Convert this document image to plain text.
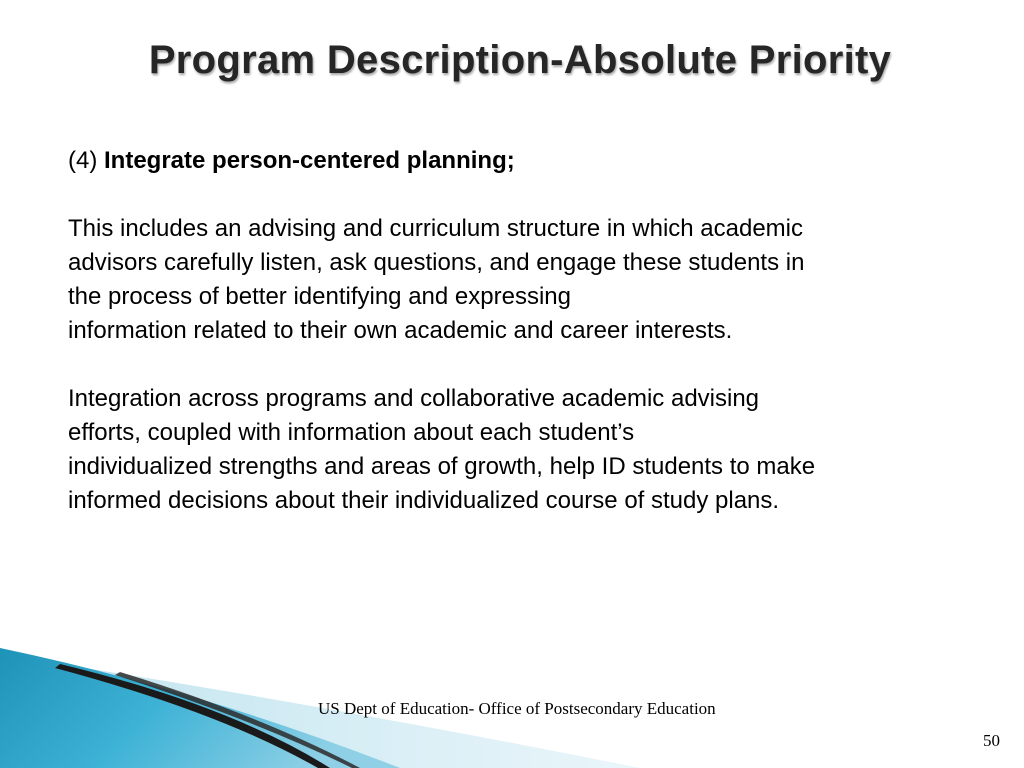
Program Description-Absolute Priority

(4) Integrate person-centered planning;

This includes an advising and curriculum structure in which academic
advisors carefully listen, ask questions, and engage these students in
the process of better identifying and expressing
information related to their own academic and career interests.

Integration across programs and collaborative academic advising
efforts, coupled with information about each student’s
individualized strengths and areas of growth, help ID students to make
informed decisions about their individualized course of study plans.

US Dept of Education- Office of Postsecondary Education
50
